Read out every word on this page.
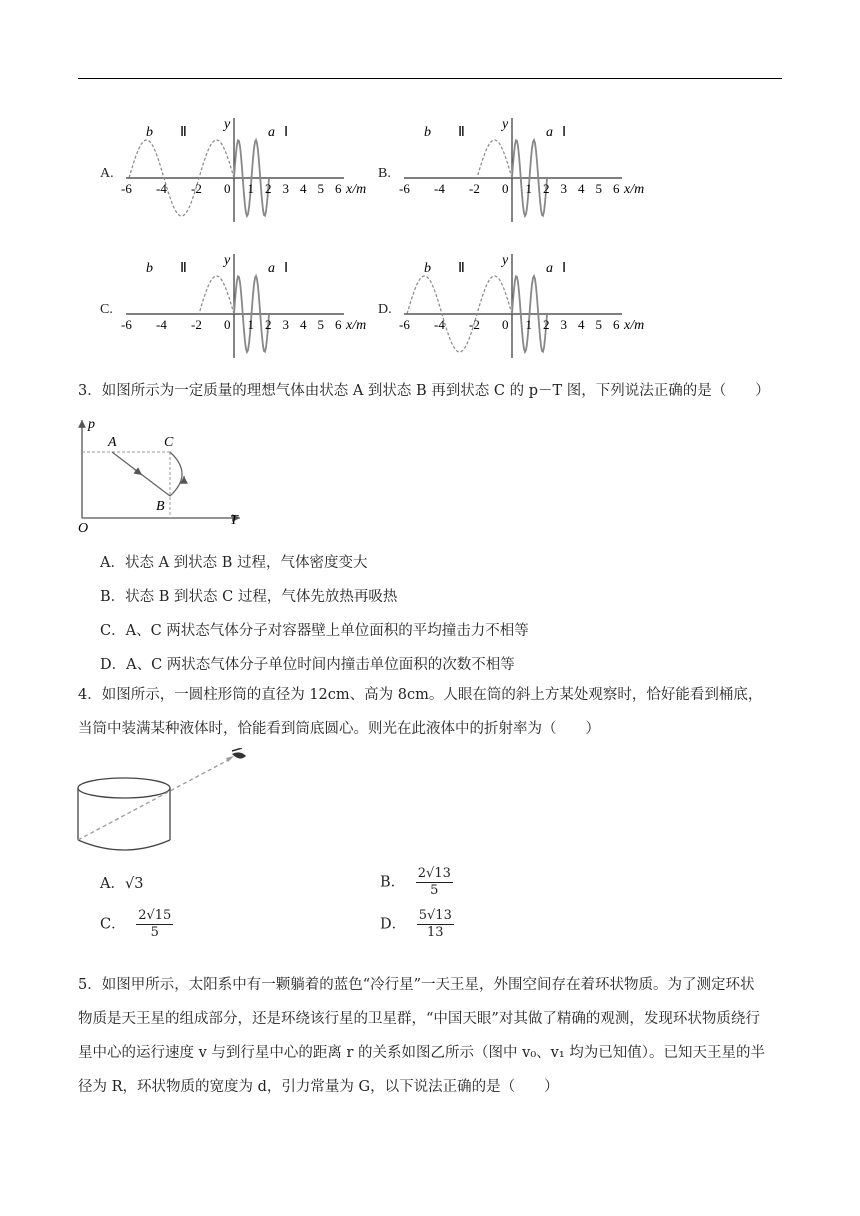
-6 -4 -2 0 1 2 3 4 5 6 x/m
y
b Ⅱ	a Ⅰ
A.
-6 -4 -2 0 1 2 3 4 5 6 x/m
y
b Ⅱ	a Ⅰ
B.
-6 -4 -2 0 1 2 3 4 5 6 x/m
y
b Ⅱ	a Ⅰ
C.
-6 -4 -2 0 1 2 3 4 5 6 x/m
y
b Ⅱ	a Ⅰ
D.

3．如图所示为一定质量的理想气体由状态 A 到状态 B 再到状态 C 的 p－T 图，下列说法正确的是（　　）

p
T
O
A
B
C

A．状态 A 到状态 B 过程，气体密度变大

B．状态 B 到状态 C 过程，气体先放热再吸热

C．A、C 两状态气体分子对容器壁上单位面积的平均撞击力不相等

D．A、C 两状态气体分子单位时间内撞击单位面积的次数不相等

4．如图所示，一圆柱形筒的直径为 12cm、高为 8cm。人眼在筒的斜上方某处观察时，恰好能看到桶底，

当筒中装满某种液体时，恰能看到筒底圆心。则光在此液体中的折射率为（　　）

A．√3	B． $\frac{2√13}{5}$
C． $\frac{2√15}{5}$	D． $\frac{5√13}{13}$

5．如图甲所示，太阳系中有一颗躺着的蓝色“冷行星”一天王星，外围空间存在着环状物质。为了测定环状

物质是天王星的组成部分，还是环绕该行星的卫星群，“中国天眼”对其做了精确的观测，发现环状物质绕行

星中心的运行速度 v 与到行星中心的距离 r 的关系如图乙所示（图中 v₀、v₁ 均为已知值）。已知天王星的半

径为 R，环状物质的宽度为 d，引力常量为 G，以下说法正确的是（　　）
